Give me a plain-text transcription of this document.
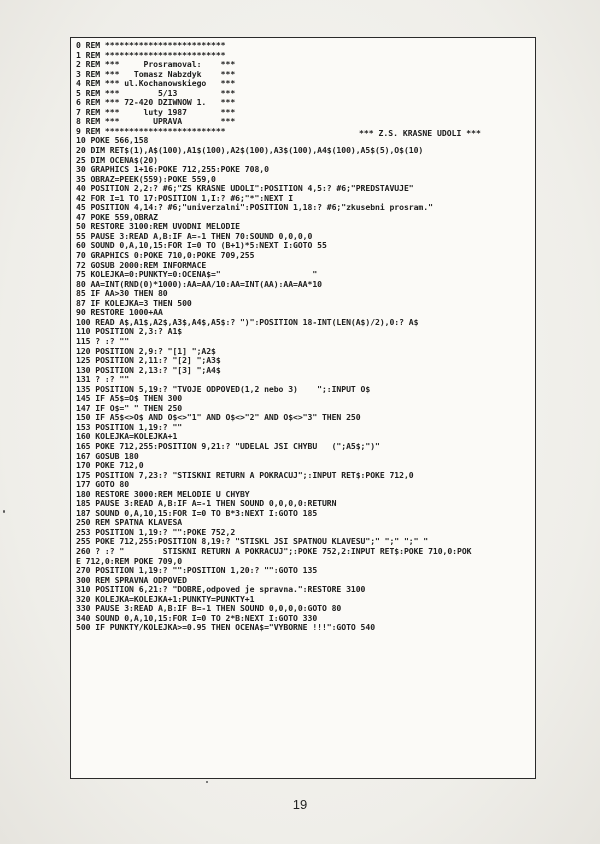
0 REM *************************
1 REM *************************
2 REM ***     Prosramoval:    ***
3 REM ***   Tomasz Nabzdyk    ***
4 REM *** ul.Kochanowskiego   ***
5 REM ***        5/13         ***
6 REM *** 72-420 DZIWNOW 1.   ***
7 REM ***     luty 1987       ***
8 REM ***       UPRAVA        ***
9 REM *************************
10 POKE 566,158
20 DIM RET$(1),A$(100),A1$(100),A2$(100),A3$(100),A4$(100),A5$(5),O$(10)
25 DIM OCENA$(20)
30 GRAPHICS 1+16:POKE 712,255:POKE 708,0
35 OBRAZ=PEEK(559):POKE 559,0
40 POSITION 2,2:? #6;"ZS KRASNE UDOLI":POSITION 4,5:? #6;"PREDSTAVUJE"
42 FOR I=1 TO 17:POSITION 1,I:? #6;"*":NEXT I
45 POSITION 4,14:? #6;"univerzalni":POSITION 1,18:? #6;"zkusebni prosram."
47 POKE 559,OBRAZ
50 RESTORE 3100:REM UVODNI MELODIE
55 PAUSE 3:READ A,B:IF A=-1 THEN 70:SOUND 0,0,0,0
60 SOUND 0,A,10,15:FOR I=0 TO (B+1)*5:NEXT I:GOTO 55
70 GRAPHICS 0:POKE 710,0:POKE 709,255
72 GOSUB 2000:REM INFORMACE
75 KOLEJKA=0:PUNKTY=0:OCENA$="                   "
80 AA=INT(RND(0)*1000):AA=AA/10:AA=INT(AA):AA=AA*10
85 IF AA>30 THEN 80
87 IF KOLEJKA=3 THEN 500
90 RESTORE 1000+AA
100 READ A$,A1$,A2$,A3$,A4$,A5$:? ")":POSITION 18-INT(LEN(A$)/2),0:? A$
110 POSITION 2,3:? A1$
115 ? :? ""
120 POSITION 2,9:? "[1] ";A2$
125 POSITION 2,11:? "[2] ";A3$
130 POSITION 2,13:? "[3] ";A4$
131 ? :? ""
135 POSITION 5,19:? "TVOJE ODPOVED(1,2 nebo 3)    ";:INPUT O$
145 IF A5$=O$ THEN 300
147 IF O$=" " THEN 250
150 IF A5$<>O$ AND O$<>"1" AND O$<>"2" AND O$<>"3" THEN 250
153 POSITION 1,19:? ""
160 KOLEJKA=KOLEJKA+1
165 POKE 712,255:POSITION 9,21:? "UDELAL JSI CHYBU   (";A5$;")"
167 GOSUB 180
170 POKE 712,0
175 POSITION 7,23:? "STISKNI RETURN A POKRACUJ";:INPUT RET$:POKE 712,0
177 GOTO 80
180 RESTORE 3000:REM MELODIE U CHYBY
185 PAUSE 3:READ A,B:IF A=-1 THEN SOUND 0,0,0,0:RETURN
187 SOUND 0,A,10,15:FOR I=0 TO B*3:NEXT I:GOTO 185
250 REM SPATNA KLAVESA
253 POSITION 1,19:? "":POKE 752,2
255 POKE 712,255:POSITION 8,19:? "STISKL JSI SPATNOU KLAVESU";" ";" ";" "
260 ? :? "        STISKNI RETURN A POKRACUJ";:POKE 752,2:INPUT RET$:POKE 710,0:POK
E 712,0:REM POKE 709,0
270 POSITION 1,19:? "":POSITION 1,20:? "":GOTO 135
300 REM SPRAVNA ODPOVED
310 POSITION 6,21:? "DOBRE,odpoved je spravna.":RESTORE 3100
320 KOLEJKA=KOLEJKA+1:PUNKTY=PUNKTY+1
330 PAUSE 3:READ A,B:IF B=-1 THEN SOUND 0,0,0,0:GOTO 80
340 SOUND 0,A,10,15:FOR I=0 TO 2*B:NEXT I:GOTO 330
500 IF PUNKTY/KOLEJKA>=0.95 THEN OCENA$="VYBORNE !!!":GOTO 540
*** Z.S. KRASNE UDOLI ***
19
